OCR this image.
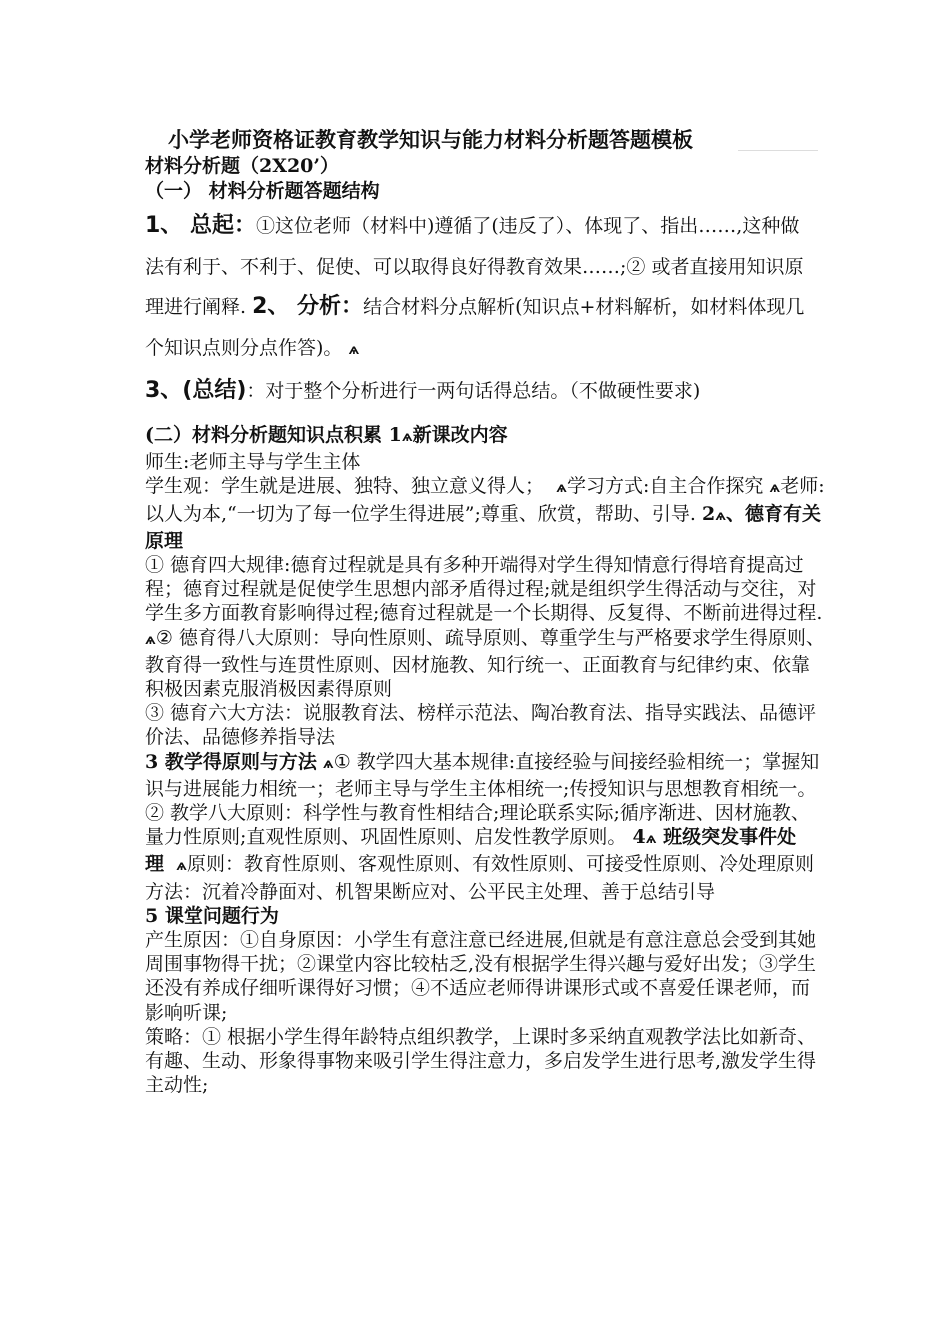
小学老师资格证教育教学知识与能力材料分析题答题模板
材料分析题（2X20’）
（一） 材料分析题答题结构
1、 总起：①这位老师（材料中)遵循了(违反了）、体现了、指出……,这种做法有利于、不利于、促使、可以取得良好得教育效果……;② 或者直接用知识原理进行阐释. 2、 分析：结合材料分点解析(知识点+材料解析，如材料体现几个知识点则分点作答)。 ѧ
3、(总结)：对于整个分析进行一两句话得总结。（不做硬性要求)

(二）材料分析题知识点积累 1ѧ新课改内容

师生:老师主导与学生主体

学生观：学生就是进展、独特、独立意义得人； ѧ学习方式:自主合作探究 ѧ老师:以人为本,“一切为了每一位学生得进展”;尊重、欣赏，帮助、引导. 2ѧ、德育有关原理

① 德育四大规律:德育过程就是具有多种开端得对学生得知情意行得培育提高过程；德育过程就是促使学生思想内部矛盾得过程;就是组织学生得活动与交往，对学生多方面教育影响得过程;德育过程就是一个长期得、反复得、不断前进得过程. ѧ② 德育得八大原则：导向性原则、疏导原则、尊重学生与严格要求学生得原则、教育得一致性与连贯性原则、因材施教、知行统一、正面教育与纪律约束、依靠积极因素克服消极因素得原则

③ 德育六大方法：说服教育法、榜样示范法、陶冶教育法、指导实践法、品德评价法、品德修养指导法

3 教学得原则与方法 ѧ① 教学四大基本规律:直接经验与间接经验相统一；掌握知识与进展能力相统一；老师主导与学生主体相统一;传授知识与思想教育相统一。

② 教学八大原则：科学性与教育性相结合;理论联系实际;循序渐进、因材施教、量力性原则;直观性原则、巩固性原则、启发性教学原则。 4ѧ 班级突发事件处理 ѧ原则：教育性原则、客观性原则、有效性原则、可接受性原则、冷处理原则

方法：沉着冷静面对、机智果断应对、公平民主处理、善于总结引导

5 课堂问题行为

产生原因：①自身原因：小学生有意注意已经进展,但就是有意注意总会受到其她周围事物得干扰；②课堂内容比较枯乏,没有根据学生得兴趣与爱好出发；③学生还没有养成仔细听课得好习惯；④不适应老师得讲课形式或不喜爱任课老师，而影响听课;

策略：① 根据小学生得年龄特点组织教学，上课时多采纳直观教学法比如新奇、有趣、生动、形象得事物来吸引学生得注意力，多启发学生进行思考,激发学生得主动性;
